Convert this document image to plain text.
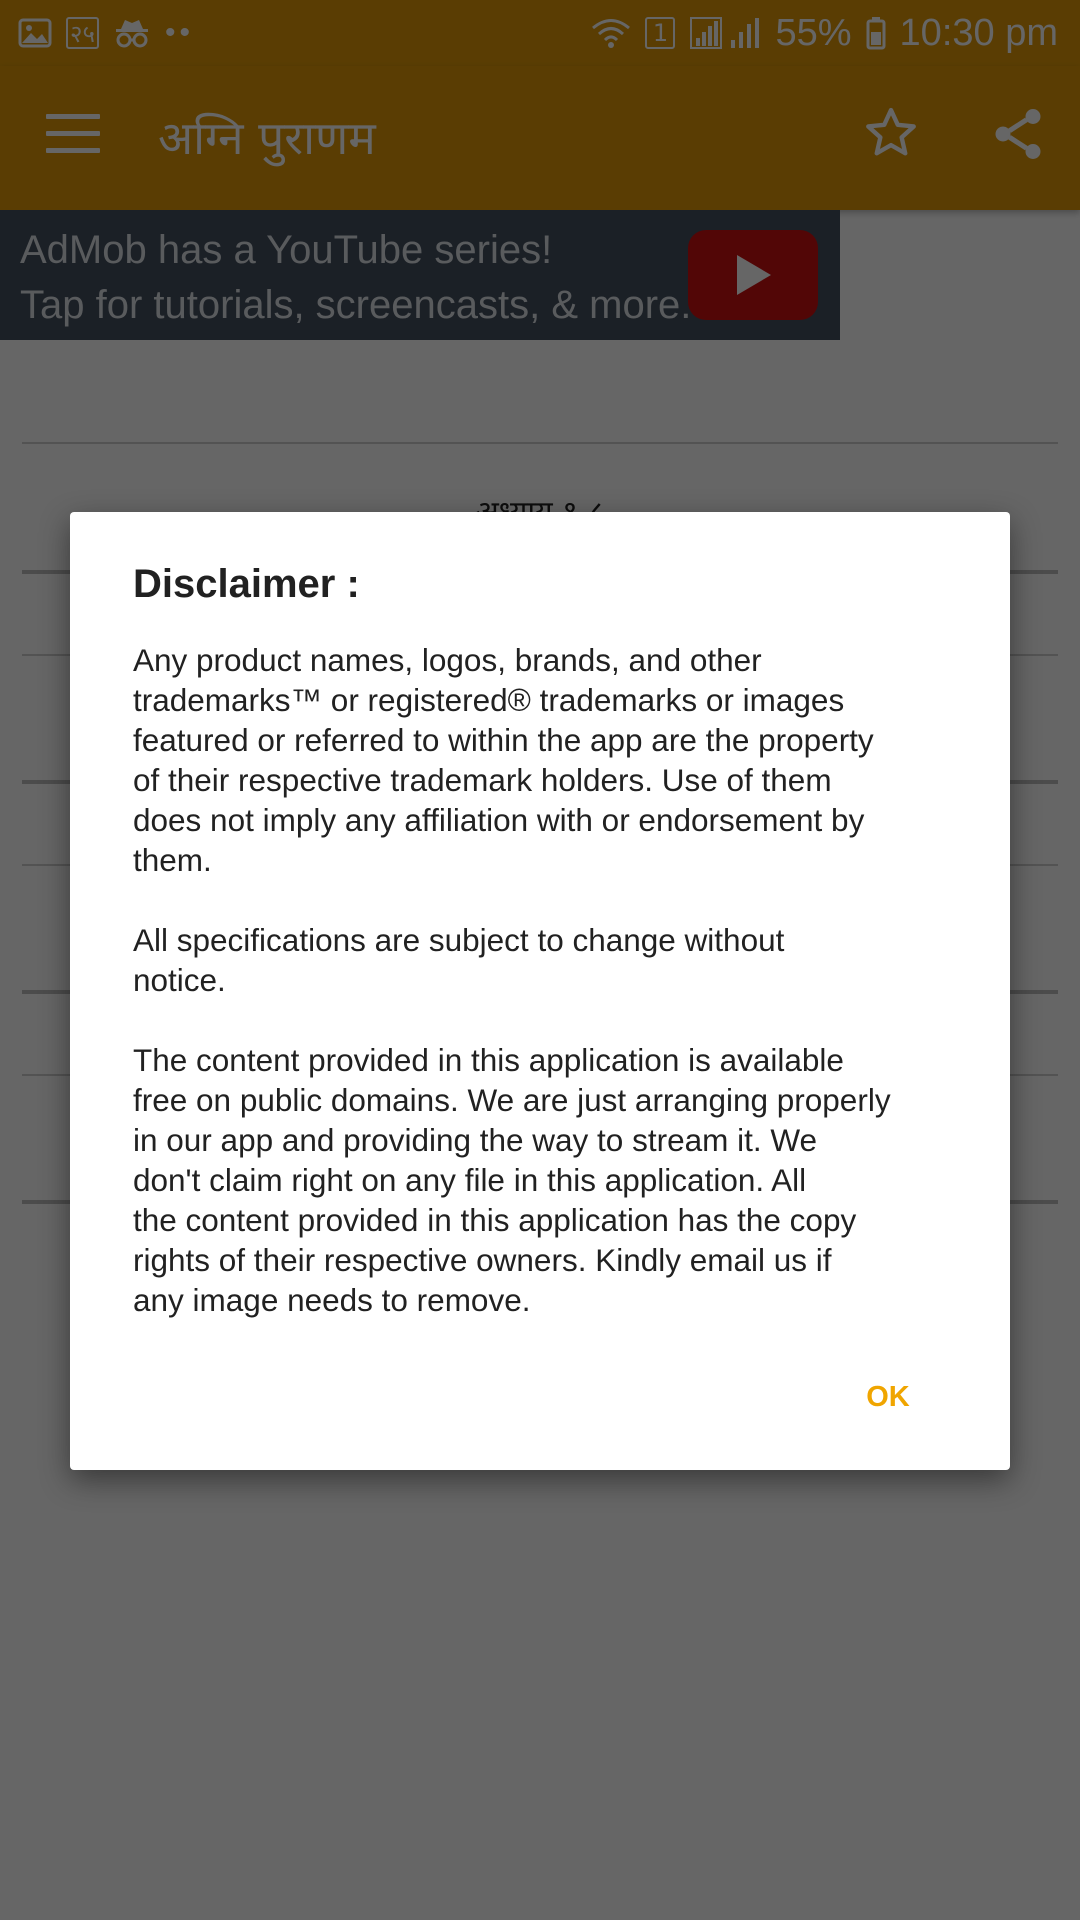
Disclaimer :

Any product names, logos, brands, and other
trademarks™ or registered® trademarks or images
featured or referred to within the app are the property
of their respective trademark holders. Use of them
does not imply any affiliation with or endorsement by
them.

All specifications are subject to change without
notice.

The content provided in this application is available
free on public domains. We are just arranging properly
in our app and providing the way to stream it. We
don't claim right on any file in this application. All
the content provided in this application has the copy
rights of their respective owners. Kindly email us if
any image needs to remove.

OK
